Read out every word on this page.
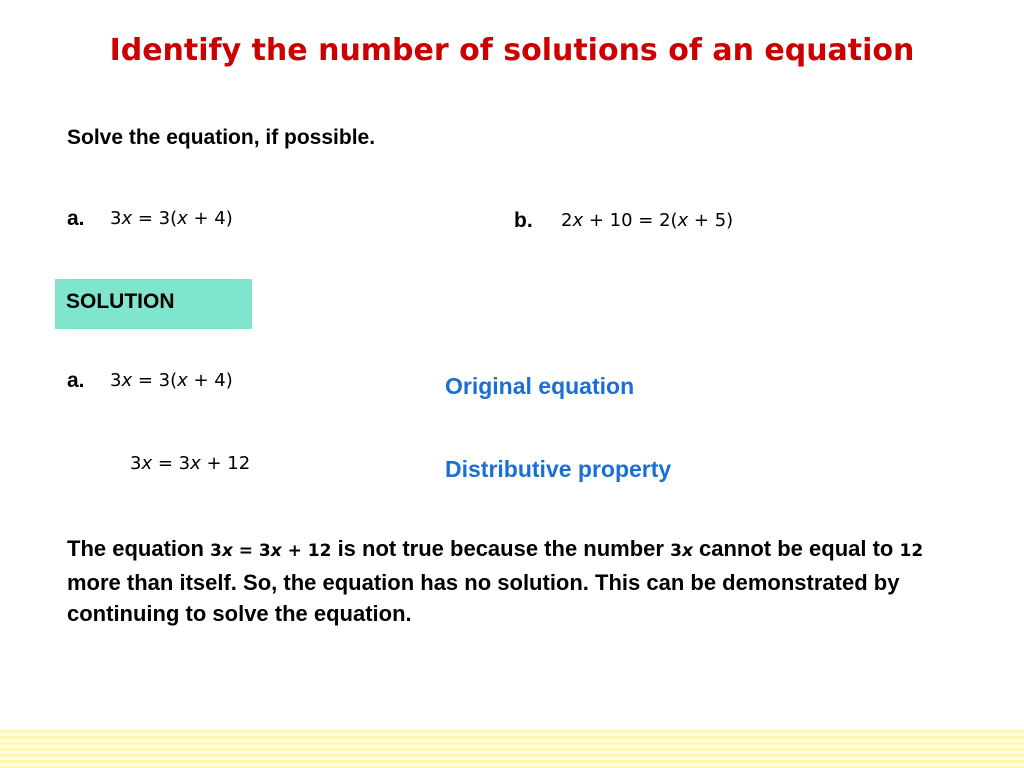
Identify the number of solutions of an equation
Solve the equation, if possible.
a. 3x = 3(x + 4)	b. 2x + 10 = 2(x + 5)
SOLUTION
a. 3x = 3(x + 4)	Original equation
3x = 3x + 12	Distributive property
The equation 3x = 3x + 12 is not true because the number 3x cannot be equal to 12 more than itself. So, the equation has no solution. This can be demonstrated by continuing to solve the equation.
